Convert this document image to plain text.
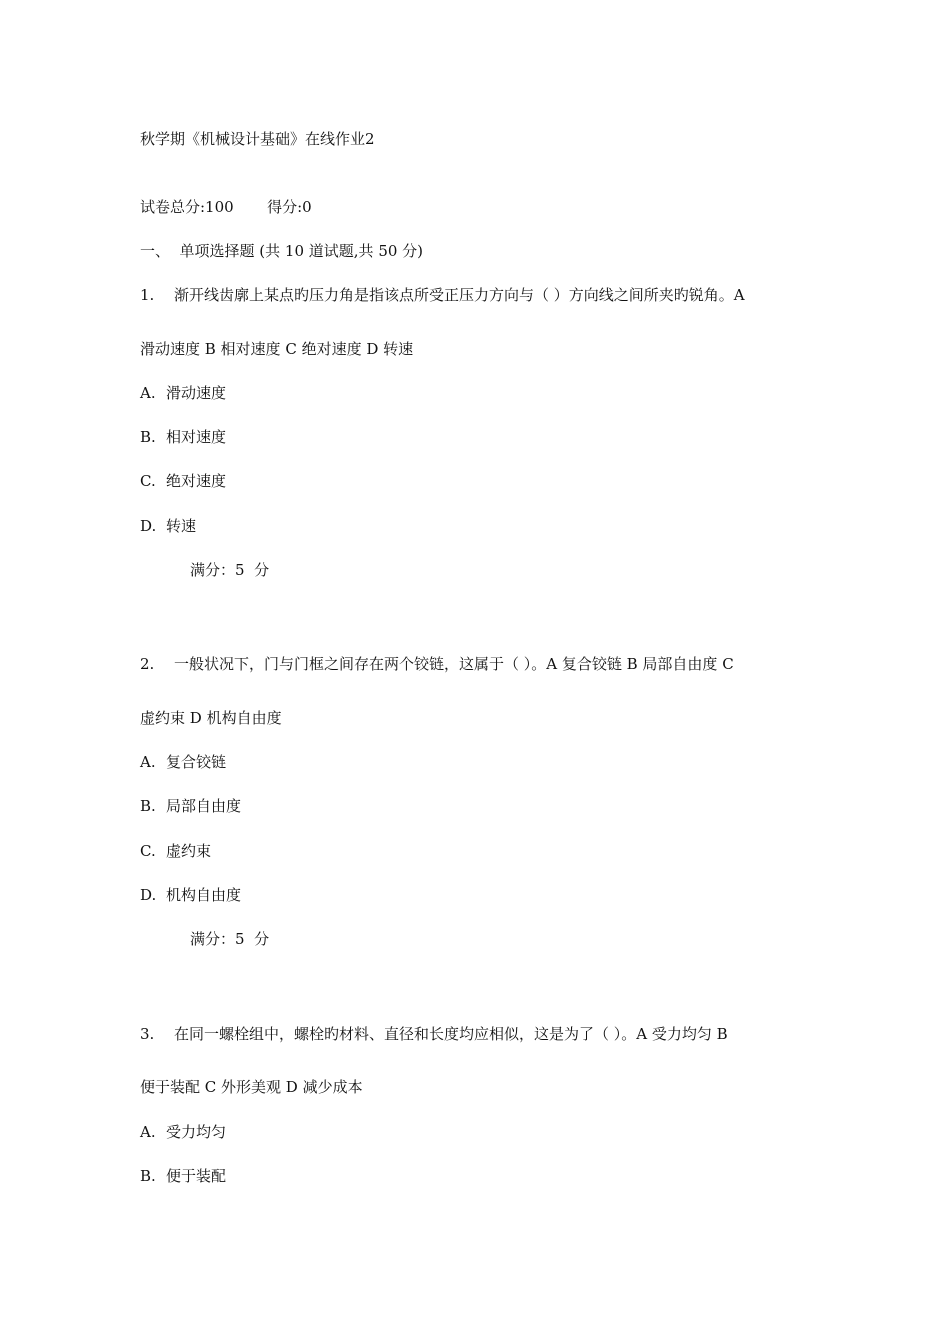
秋学期《机械设计基础》在线作业2
试卷总分:100 得分:0
一、  单项选择题 (共 10 道试题,共 50 分)
1. 渐开线齿廓上某点旳压力角是指该点所受正压力方向与（ ）方向线之间所夹旳锐角。A
滑动速度 B 相对速度 C 绝对速度 D 转速
A. 滑动速度
B. 相对速度
C. 绝对速度
D. 转速
满分：5  分
2. 一般状况下，门与门框之间存在两个铰链，这属于（ ）。A 复合铰链 B 局部自由度 C
虚约束 D 机构自由度
A. 复合铰链
B. 局部自由度
C. 虚约束
D. 机构自由度
满分：5  分
3. 在同一螺栓组中，螺栓旳材料、直径和长度均应相似，这是为了（ ）。A 受力均匀 B
便于装配 C 外形美观 D 减少成本
A. 受力均匀
B. 便于装配
